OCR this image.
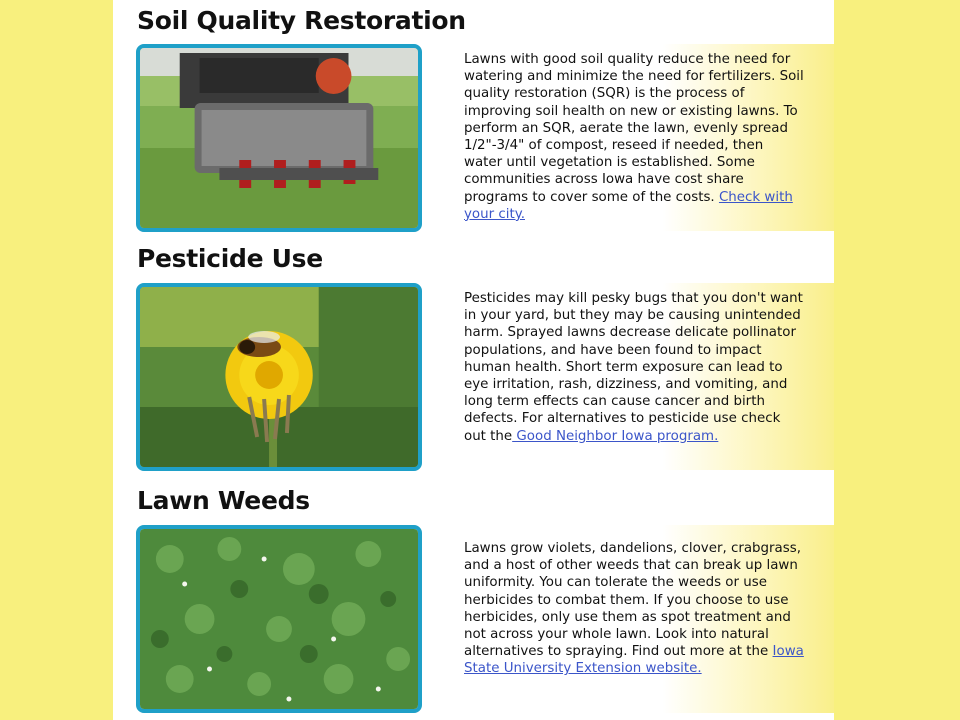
Soil Quality Restoration

Lawns with good soil quality reduce the need for watering and minimize the need for fertilizers. Soil quality restoration (SQR) is the process of improving soil health on new or existing lawns. To perform an SQR, aerate the lawn, evenly spread 1/2"-3/4" of compost, reseed if needed, then water until vegetation is established. Some communities across Iowa have cost share programs to cover some of the costs. Check with your city.

Pesticide Use

Pesticides may kill pesky bugs that you don't want in your yard, but they may be causing unintended harm. Sprayed lawns decrease delicate pollinator populations, and have been found to impact human health. Short term exposure can lead to eye irritation, rash, dizziness, and vomiting, and long term effects can cause cancer and birth defects. For alternatives to pesticide use check out the Good Neighbor Iowa program.

Lawn Weeds

Lawns grow violets, dandelions, clover, crabgrass, and a host of other weeds that can break up lawn uniformity. You can tolerate the weeds or use herbicides to combat them. If you choose to use herbicides, only use them as spot treatment and not across your whole lawn. Look into natural alternatives to spraying. Find out more at the Iowa State University Extension website.
